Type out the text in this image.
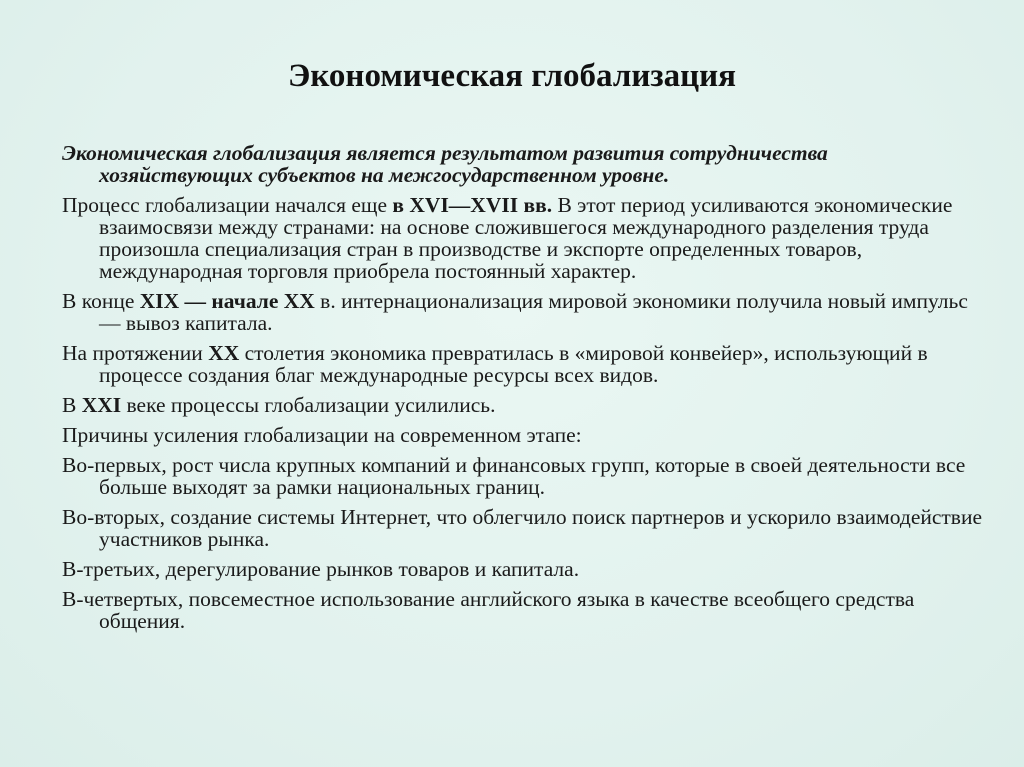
Экономическая глобализация

Экономическая глобализация является результатом развития сотрудничества хозяйствующих субъектов на межгосударственном уровне.

Процесс глобализации начался еще в XVI—XVII вв. В этот период усиливаются экономические взаимосвязи между странами: на основе сложившегося международного разделения труда произошла специализация стран в производстве и экспорте определенных товаров, международная торговля приобрела постоянный характер.

В конце XIX — начале XX в. интернационализация мировой экономики получила новый импульс— вывоз капитала.

На протяжении XX столетия экономика превратилась в «мировой конвейер», использующий в процессе создания благ международные ресурсы всех видов.

В XXI веке процессы глобализации усилились.

Причины усиления глобализации на современном этапе:

Во-первых, рост числа крупных компаний и финансовых групп, которые в своей деятельности все больше выходят за рамки национальных границ.

Во-вторых, создание системы Интернет, что облегчило поиск партнеров и ускорило взаимодействие участников рынка.

В-третьих, дерегулирование рынков товаров и капитала.

В-четвертых, повсеместное использование английского языка в качестве всеобщего средства общения.
